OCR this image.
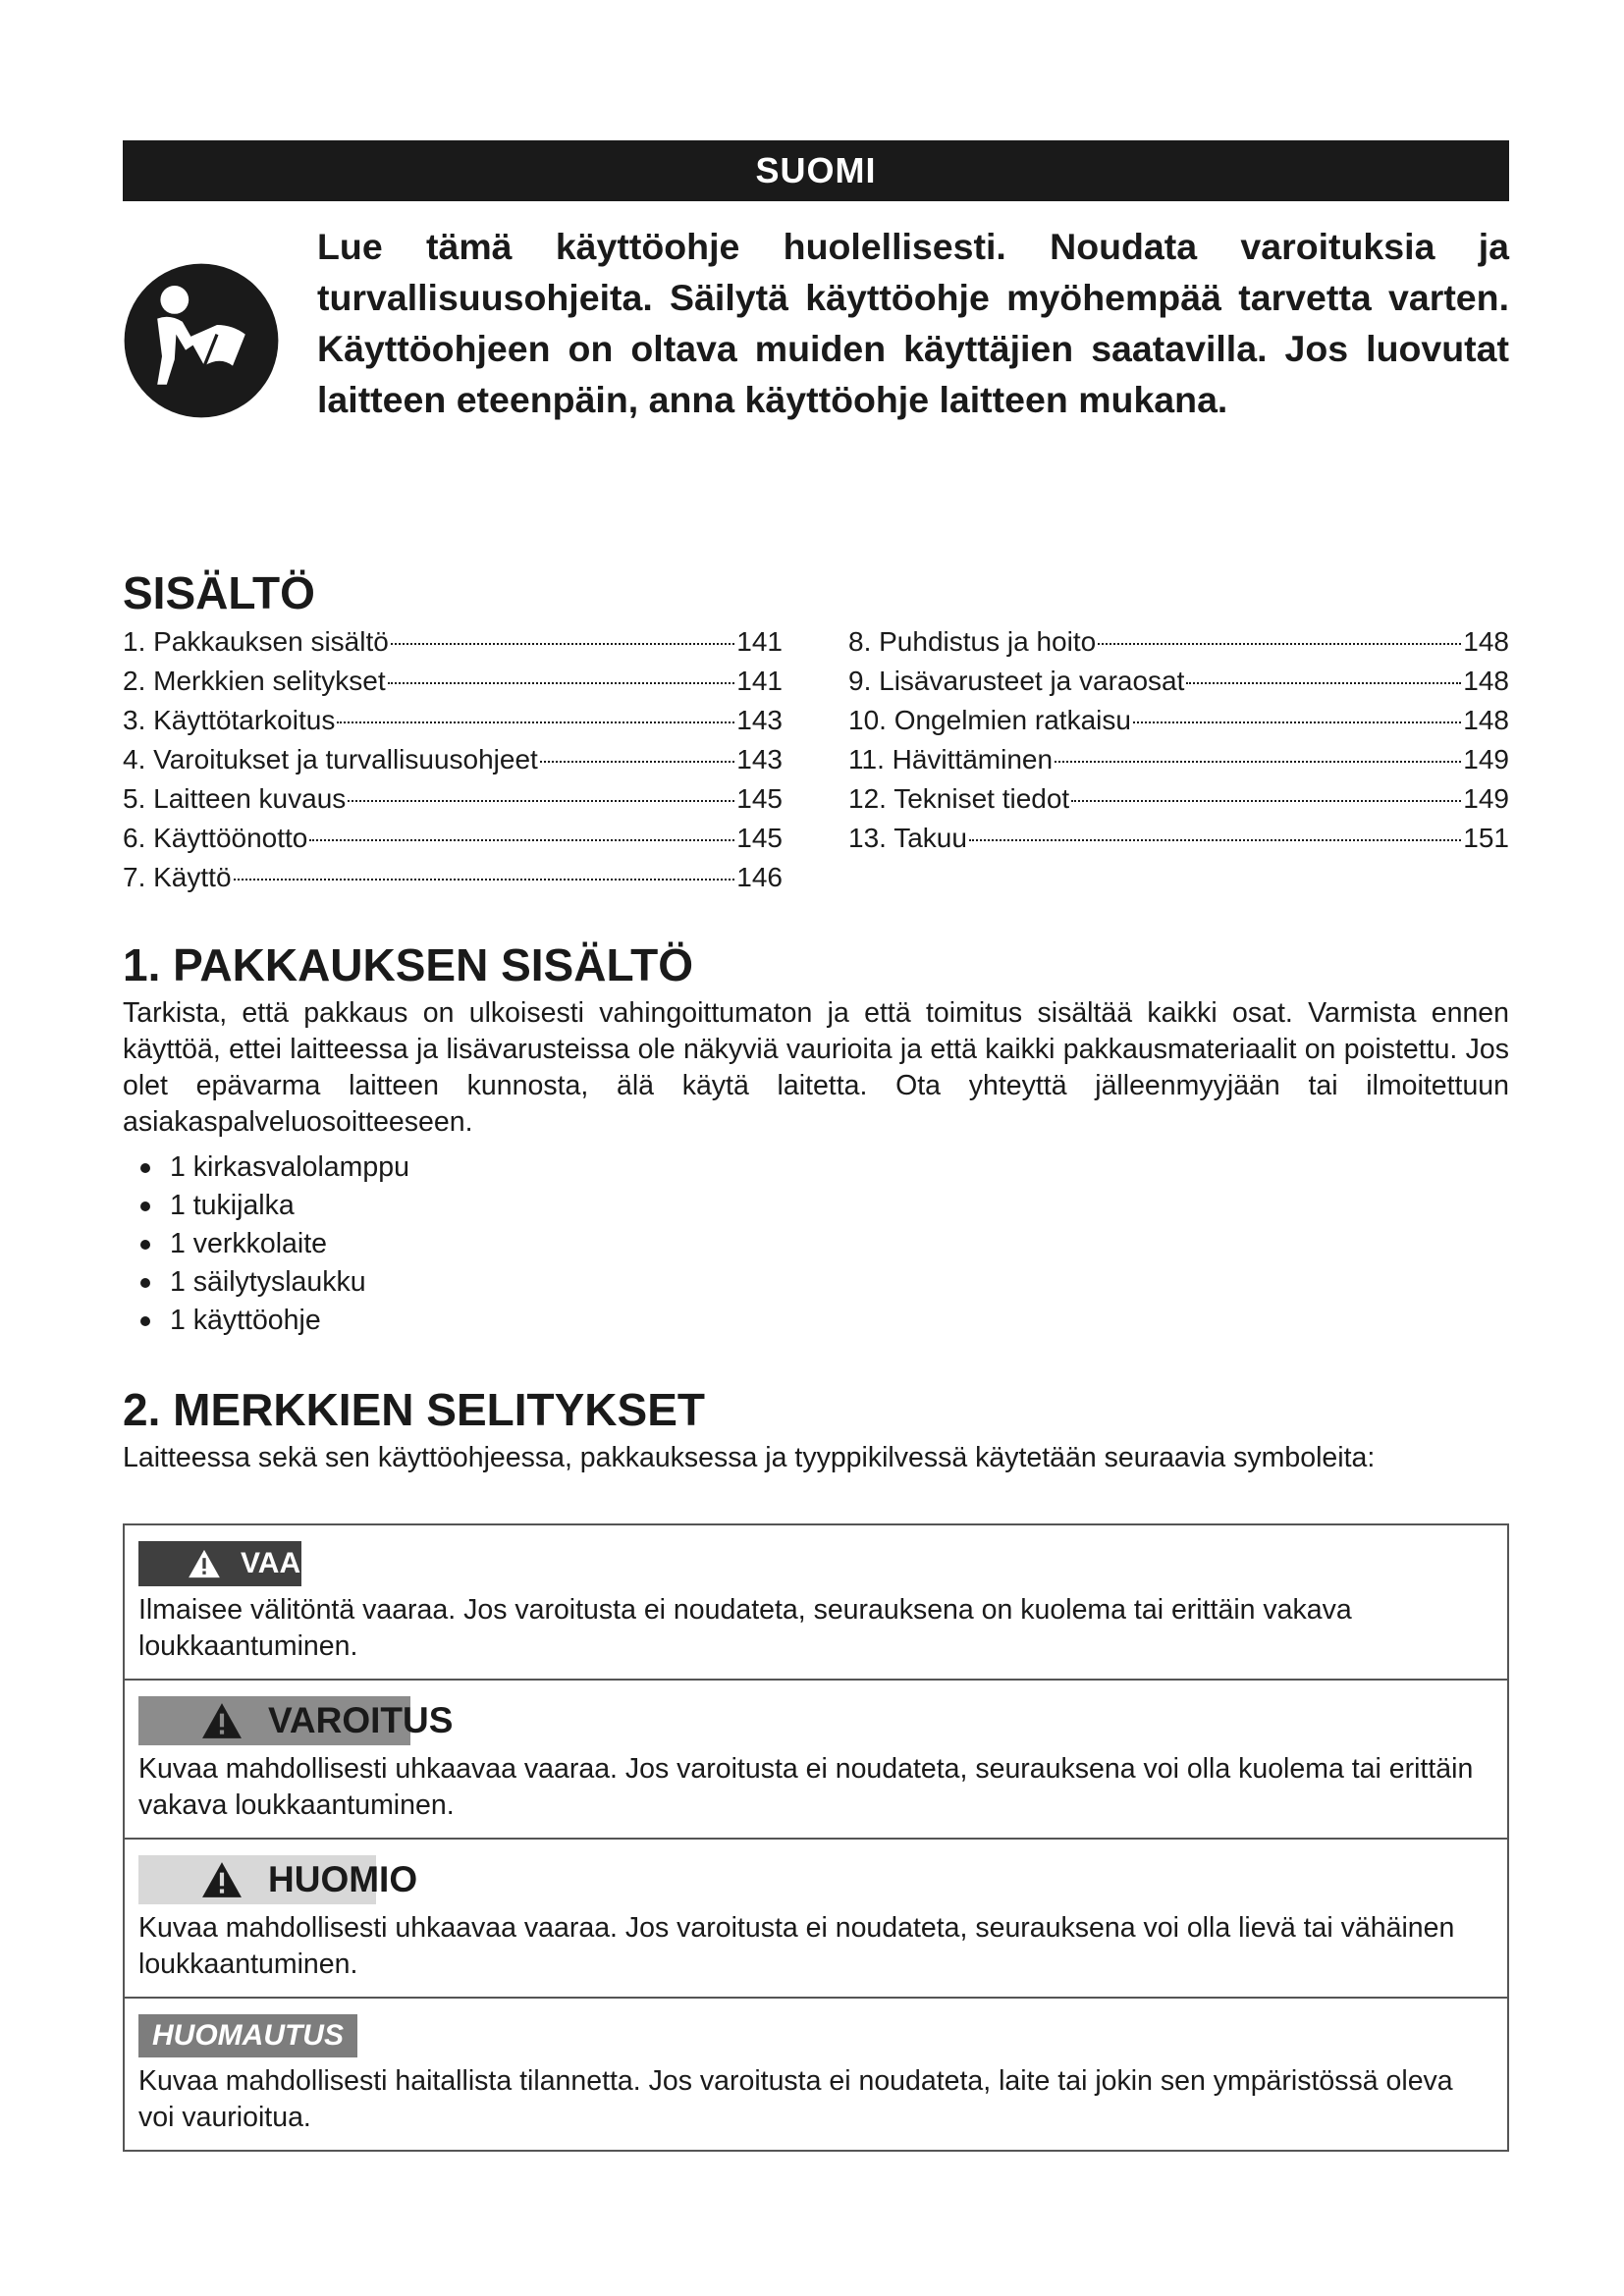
SUOMI
Lue tämä käyttöohje huolellisesti. Noudata varoituksia ja turvallisuusohjeita. Säilytä käyttöohje myöhempää tarvetta varten. Käyttöohjeen on oltava muiden käyttäjien saatavilla. Jos luovutat laitteen eteenpäin, anna käyttöohje laitteen mukana.
SISÄLTÖ
1. Pakkauksen sisältö	141
2. Merkkien selitykset	141
3. Käyttötarkoitus	143
4. Varoitukset ja turvallisuusohjeet	143
5. Laitteen kuvaus	145
6. Käyttöönotto	145
7. Käyttö	146
8. Puhdistus ja hoito	148
9. Lisävarusteet ja varaosat	148
10. Ongelmien ratkaisu	148
11. Hävittäminen	149
12. Tekniset tiedot	149
13. Takuu	151
1. PAKKAUKSEN SISÄLTÖ

Tarkista, että pakkaus on ulkoisesti vahingoittumaton ja että toimitus sisältää kaikki osat. Varmista ennen käyttöä, ettei laitteessa ja lisävarusteissa ole näkyviä vaurioita ja että kaikki pakkausmateriaalit on poistettu. Jos olet epävarma laitteen kunnosta, älä käytä laitetta. Ota yhteyttä jälleenmyyjään tai ilmoitettuun asiakaspalveluosoitteeseen.

1 kirkasvalolamppu
1 tukijalka
1 verkkolaite
1 säilytyslaukku
1 käyttöohje
2. MERKKIEN SELITYKSET

Laitteessa sekä sen käyttöohjeessa, pakkauksessa ja tyyppikilvessä käytetään seuraavia symboleita:

VAARA
Ilmaisee välitöntä vaaraa. Jos varoitusta ei noudateta, seurauksena on kuolema tai erittäin vakava loukkaantuminen.
VAROITUS
Kuvaa mahdollisesti uhkaavaa vaaraa. Jos varoitusta ei noudateta, seurauksena voi olla kuolema tai erittäin vakava loukkaantuminen.
HUOMIO
Kuvaa mahdollisesti uhkaavaa vaaraa. Jos varoitusta ei noudateta, seurauksena voi olla lievä tai vähäinen loukkaantuminen.
HUOMAUTUS
Kuvaa mahdollisesti haitallista tilannetta. Jos varoitusta ei noudateta, laite tai jokin sen ympäristössä oleva voi vaurioitua.
